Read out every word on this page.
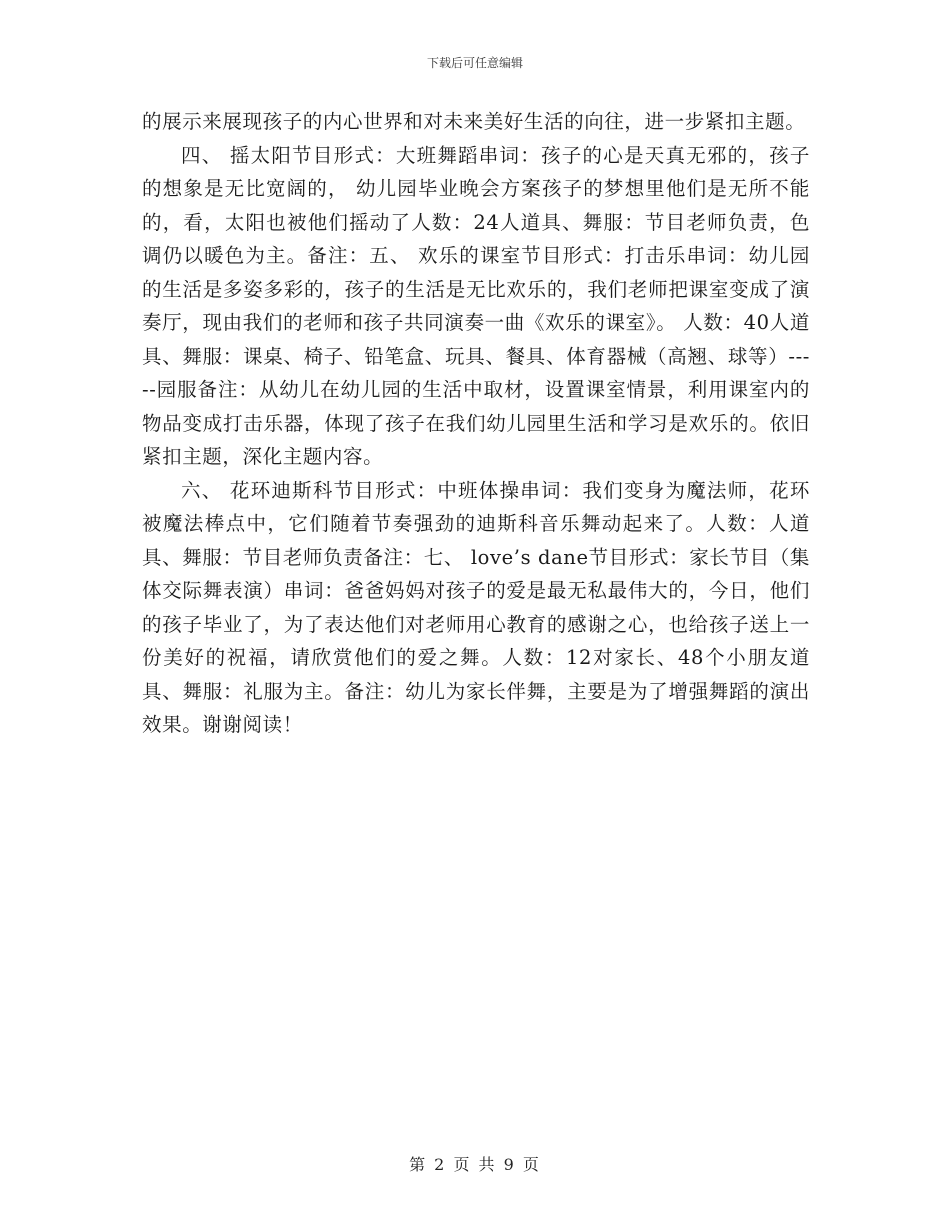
下载后可任意编辑

的展示来展现孩子的内心世界和对未来美好生活的向往，进一步紧扣主题。

四、 摇太阳节目形式：大班舞蹈串词：孩子的心是天真无邪的，孩子的想象是无比宽阔的， 幼儿园毕业晚会方案孩子的梦想里他们是无所不能的，看，太阳也被他们摇动了人数：24人道具、舞服：节目老师负责，色调仍以暖色为主。备注：五、 欢乐的课室节目形式：打击乐串词：幼儿园的生活是多姿多彩的，孩子的生活是无比欢乐的，我们老师把课室变成了演奏厅，现由我们的老师和孩子共同演奏一曲《欢乐的课室》。 人数：40人道具、舞服：课桌、椅子、铅笔盒、玩具、餐具、体育器械（高翘、球等）-----园服备注：从幼儿在幼儿园的生活中取材，设置课室情景，利用课室内的物品变成打击乐器，体现了孩子在我们幼儿园里生活和学习是欢乐的。依旧紧扣主题，深化主题内容。

六、 花环迪斯科节目形式：中班体操串词：我们变身为魔法师，花环被魔法棒点中，它们随着节奏强劲的迪斯科音乐舞动起来了。人数：人道具、舞服：节目老师负责备注：七、 love’s dane节目形式：家长节目（集体交际舞表演）串词：爸爸妈妈对孩子的爱是最无私最伟大的，今日，他们的孩子毕业了，为了表达他们对老师用心教育的感谢之心，也给孩子送上一份美好的祝福，请欣赏他们的爱之舞。人数：12对家长、48个小朋友道具、舞服：礼服为主。备注：幼儿为家长伴舞，主要是为了增强舞蹈的演出效果。谢谢阅读！

第 2 页 共 9 页
